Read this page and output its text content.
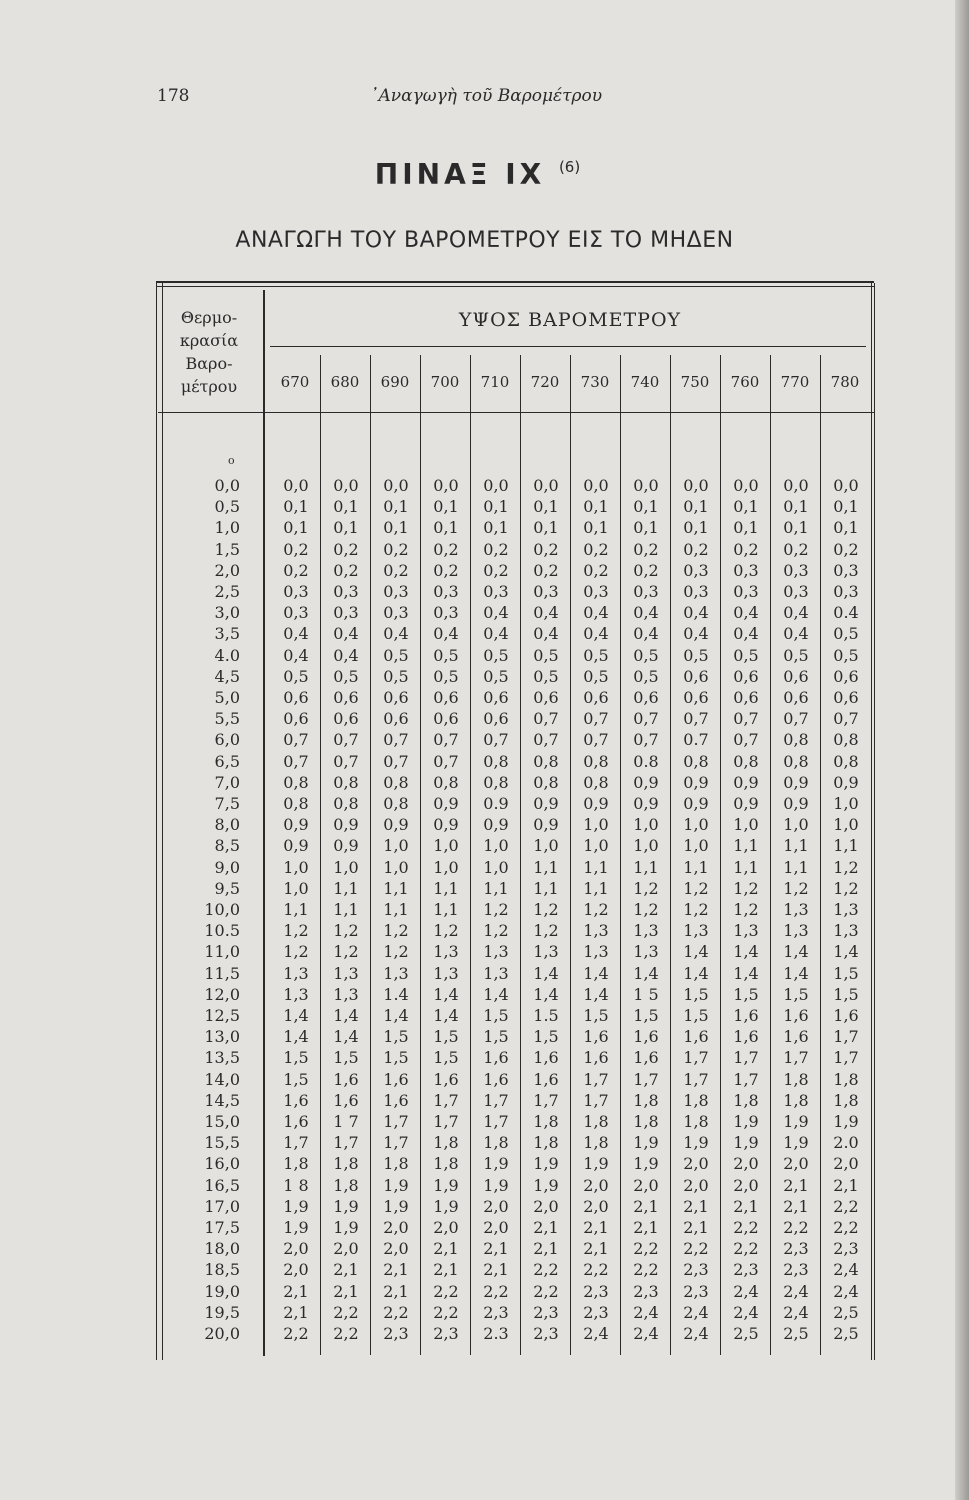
178	᾿Αναγωγὴ τοῦ Βαρομέτρου
ΠΙΝΑΞ ΙΧ $^{(6)}$
ΑΝΑΓΩΓΗ ΤΟΥ ΒΑΡΟΜΕΤΡΟΥ ΕΙΣ ΤΟ ΜΗΔΕΝ
Θερμο-
κρασία
Βαρο-
μέτρου
ΥΨΟΣ ΒΑΡΟΜΕΤΡΟΥ
o
670	680	690	700	710	720	730	740	750	760	770	780
0,0	0,0	0,0	0,0	0,0	0,0	0,0	0,0	0,0	0,0	0,0	0,0	0,0
0,5	0,1	0,1	0,1	0,1	0,1	0,1	0,1	0,1	0,1	0,1	0,1	0,1
1,0	0,1	0,1	0,1	0,1	0,1	0,1	0,1	0,1	0,1	0,1	0,1	0,1
1,5	0,2	0,2	0,2	0,2	0,2	0,2	0,2	0,2	0,2	0,2	0,2	0,2
2,0	0,2	0,2	0,2	0,2	0,2	0,2	0,2	0,2	0,3	0,3	0,3	0,3
2,5	0,3	0,3	0,3	0,3	0,3	0,3	0,3	0,3	0,3	0,3	0,3	0,3
3,0	0,3	0,3	0,3	0,3	0,4	0,4	0,4	0,4	0,4	0,4	0,4	0.4
3,5	0,4	0,4	0,4	0,4	0,4	0,4	0,4	0,4	0,4	0,4	0,4	0,5
4.0	0,4	0,4	0,5	0,5	0,5	0,5	0,5	0,5	0,5	0,5	0,5	0,5
4,5	0,5	0,5	0,5	0,5	0,5	0,5	0,5	0,5	0,6	0,6	0,6	0,6
5,0	0,6	0,6	0,6	0,6	0,6	0,6	0,6	0,6	0,6	0,6	0,6	0,6
5,5	0,6	0,6	0,6	0,6	0,6	0,7	0,7	0,7	0,7	0,7	0,7	0,7
6,0	0,7	0,7	0,7	0,7	0,7	0,7	0,7	0,7	0.7	0,7	0,8	0,8
6,5	0,7	0,7	0,7	0,7	0,8	0,8	0,8	0.8	0,8	0,8	0,8	0,8
7,0	0,8	0,8	0,8	0,8	0,8	0,8	0,8	0,9	0,9	0,9	0,9	0,9
7,5	0,8	0,8	0,8	0,9	0.9	0,9	0,9	0,9	0,9	0,9	0,9	1,0
8,0	0,9	0,9	0,9	0,9	0,9	0,9	1,0	1,0	1,0	1,0	1,0	1,0
8,5	0,9	0,9	1,0	1,0	1,0	1,0	1,0	1,0	1,0	1,1	1,1	1,1
9,0	1,0	1,0	1,0	1,0	1,0	1,1	1,1	1,1	1,1	1,1	1,1	1,2
9,5	1,0	1,1	1,1	1,1	1,1	1,1	1,1	1,2	1,2	1,2	1,2	1,2
10,0	1,1	1,1	1,1	1,1	1,2	1,2	1,2	1,2	1,2	1,2	1,3	1,3
10.5	1,2	1,2	1,2	1,2	1,2	1,2	1,3	1,3	1,3	1,3	1,3	1,3
11,0	1,2	1,2	1,2	1,3	1,3	1,3	1,3	1,3	1,4	1,4	1,4	1,4
11,5	1,3	1,3	1,3	1,3	1,3	1,4	1,4	1,4	1,4	1,4	1,4	1,5
12,0	1,3	1,3	1.4	1,4	1,4	1,4	1,4	1 5	1,5	1,5	1,5	1,5
12,5	1,4	1,4	1,4	1,4	1,5	1.5	1,5	1,5	1,5	1,6	1,6	1,6
13,0	1,4	1,4	1,5	1,5	1,5	1,5	1,6	1,6	1,6	1,6	1,6	1,7
13,5	1,5	1,5	1,5	1,5	1,6	1,6	1,6	1,6	1,7	1,7	1,7	1,7
14,0	1,5	1,6	1,6	1,6	1,6	1,6	1,7	1,7	1,7	1,7	1,8	1,8
14,5	1,6	1,6	1,6	1,7	1,7	1,7	1,7	1,8	1,8	1,8	1,8	1,8
15,0	1,6	1 7	1,7	1,7	1,7	1,8	1,8	1,8	1,8	1,9	1,9	1,9
15,5	1,7	1,7	1,7	1,8	1,8	1,8	1,8	1,9	1,9	1,9	1,9	2.0
16,0	1,8	1,8	1,8	1,8	1,9	1,9	1,9	1,9	2,0	2,0	2,0	2,0
16,5	1 8	1,8	1,9	1,9	1,9	1,9	2,0	2,0	2,0	2,0	2,1	2,1
17,0	1,9	1,9	1,9	1,9	2,0	2,0	2,0	2,1	2,1	2,1	2,1	2,2
17,5	1,9	1,9	2,0	2,0	2,0	2,1	2,1	2,1	2,1	2,2	2,2	2,2
18,0	2,0	2,0	2,0	2,1	2,1	2,1	2,1	2,2	2,2	2,2	2,3	2,3
18,5	2,0	2,1	2,1	2,1	2,1	2,2	2,2	2,2	2,3	2,3	2,3	2,4
19,0	2,1	2,1	2,1	2,2	2,2	2,2	2,3	2,3	2,3	2,4	2,4	2,4
19,5	2,1	2,2	2,2	2,2	2,3	2,3	2,3	2,4	2,4	2,4	2,4	2,5
20,0	2,2	2,2	2,3	2,3	2.3	2,3	2,4	2,4	2,4	2,5	2,5	2,5
